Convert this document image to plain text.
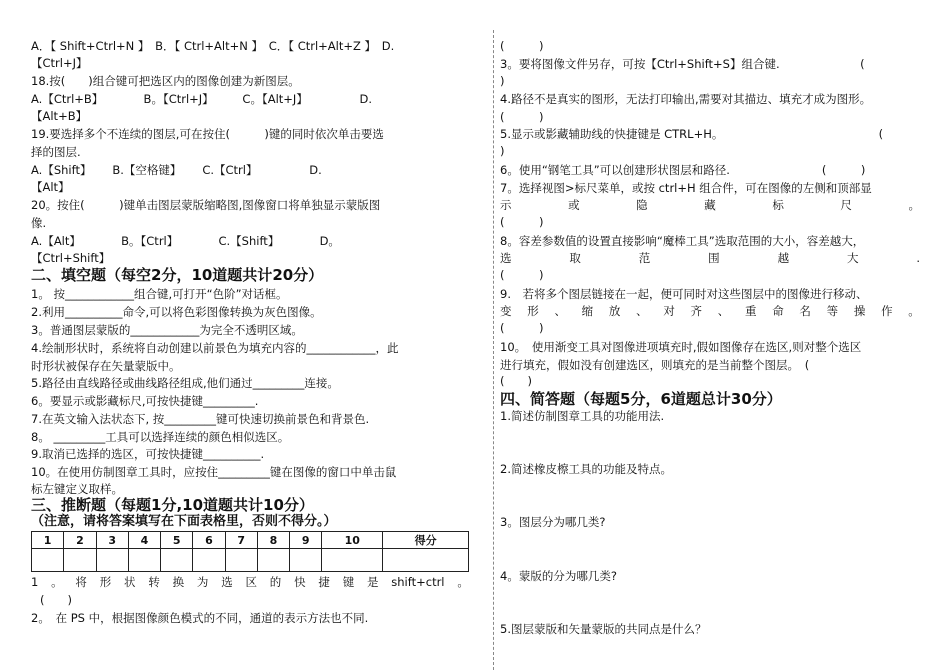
A．【 Shift+Ctrl+N 】　B．【 Ctrl+Alt+N 】　C．【 Ctrl+Alt+Z 】　D.
【Ctrl+J】
18.按(　　)组合键可把选区内的图像创建为新图层。
A.【Ctrl+B】　　　　B。【Ctrl+J】　　　C。【Alt+J】　　　　　D.
【Alt+B】
19.要选择多个不连续的图层,可在按住(　　　)键的同时依次单击要选
择的图层.
A.【Shift】　　 B.【空格键】　　 C.【Ctrl】　　　　　D.
【Alt】
20。按住(　　　)键单击图层蒙版缩略图,图像窗口将单独显示蒙版图
像.
A.【Alt】　　　　B。【Ctrl】　　　　C.【Shift】　　　　D。
【Ctrl+Shift】
二、填空题（每空2分，10道题共计20分）
1。 按____________组合键,可打开“色阶”对话框。
2.利用__________命令,可以将色彩图像转换为灰色图像。
3。普通图层蒙版的____________为完全不透明区域。
4.绘制形状时，系统将自动创建以前景色为填充内容的____________，此
时形状被保存在矢量蒙版中。
5.路径由直线路径或曲线路径组成,他们通过_________连接。
6。要显示或影藏标尺,可按快捷键_________.
7.在英文输入法状态下, 按_________键可快速切换前景色和背景色.
8。 _________工具可以选择连续的颜色相似选区。
9.取消已选择的选区，可按快捷键__________.
10。在使用仿制图章工具时，应按住_________键在图像的窗口中单击鼠
标左键定义取样。
三、推断题（每题1分,10道题共计10分）
（注意，请将答案填写在下面表格里，否则不得分。）
1	2	3	4	5	6	7	8	9	10	得分

1 。 将 形 状 转 换 为 选 区 的 快 捷 键 是 shift+ctrl 。
(　　)
2。　在 PS 中，根据图像颜色模式的不同，通道的表示方法也不同.
(　　　)
3。要将图像文件另存，可按【Ctrl+Shift+S】组合键.　　　　　　　(
)
4.路径不是真实的图形，无法打印输出,需要对其描边、填充才成为图形。
(　　　)
5.显示或影藏辅助线的快捷键是 CTRL+H。　　　　　　　　　　　　　　(
)
6。使用“钢笔工具”可以创建形状图层和路径.　　　　　　　　(　　　)
7。选择视图>标尺菜单，或按 ctrl+H 组合件，可在图像的左侧和顶部显
示	或	隐	藏	标	尺	。
(　　　)
8。容差参数值的设置直接影响“魔棒工具”选取范围的大小，容差越大，
选	取	范	围	越	大	.
(　　　)
9.　若将多个图层链接在一起，便可同时对这些图层中的图像进行移动、
变 形 、 缩 放 、 对 齐 、 重 命 名 等 操 作 。
(　　　)
10。　使用渐变工具对图像进项填充时,假如图像存在选区,则对整个选区
进行填充，假如没有创建选区，则填充的是当前整个图层。　(
(　　)
四、简答题（每题5分，6道题总计30分）
1.简述仿制图章工具的功能用法.
2.简述橡皮檫工具的功能及特点。
3。图层分为哪几类?
4。蒙版的分为哪几类?
5.图层蒙版和矢量蒙版的共同点是什么？
